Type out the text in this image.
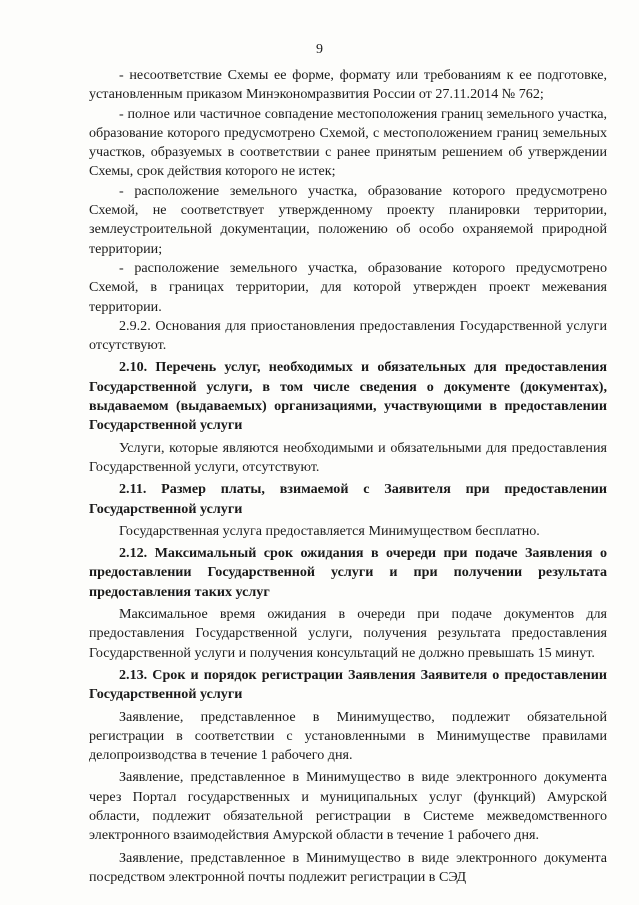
9

- несоответствие Схемы ее форме, формату или требованиям к ее подготовке, установленным приказом Минэкономразвития России от 27.11.2014 № 762;

- полное или частичное совпадение местоположения границ земельного участка, образование которого предусмотрено Схемой, с местоположением границ земельных участков, образуемых в соответствии с ранее принятым решением об утверждении Схемы, срок действия которого не истек;

- расположение земельного участка, образование которого предусмотрено Схемой, не соответствует утвержденному проекту планировки территории, землеустроительной документации, положению об особо охраняемой природной территории;

- расположение земельного участка, образование которого предусмотрено Схемой, в границах территории, для которой утвержден проект межевания территории.

2.9.2. Основания для приостановления предоставления Государственной услуги отсутствуют.

2.10. Перечень услуг, необходимых и обязательных для предоставления Государственной услуги, в том числе сведения о документе (документах), выдаваемом (выдаваемых) организациями, участвующими в предоставлении Государственной услуги

Услуги, которые являются необходимыми и обязательными для предоставления Государственной услуги, отсутствуют.

2.11. Размер платы, взимаемой с Заявителя при предоставлении Государственной услуги

Государственная услуга предоставляется Минимуществом бесплатно.

2.12. Максимальный срок ожидания в очереди при подаче Заявления о предоставлении Государственной услуги и при получении результата предоставления таких услуг

Максимальное время ожидания в очереди при подаче документов для предоставления Государственной услуги, получения результата предоставления Государственной услуги и получения консультаций не должно превышать 15 минут.

2.13. Срок и порядок регистрации Заявления Заявителя о предоставлении Государственной услуги

Заявление, представленное в Минимущество, подлежит обязательной регистрации в соответствии с установленными в Минимуществе правилами делопроизводства в течение 1 рабочего дня.

Заявление, представленное в Минимущество в виде электронного документа через Портал государственных и муниципальных услуг (функций) Амурской области, подлежит обязательной регистрации в Системе межведомственного электронного взаимодействия Амурской области в течение 1 рабочего дня.

Заявление, представленное в Минимущество в виде электронного документа посредством электронной почты подлежит регистрации в СЭД
